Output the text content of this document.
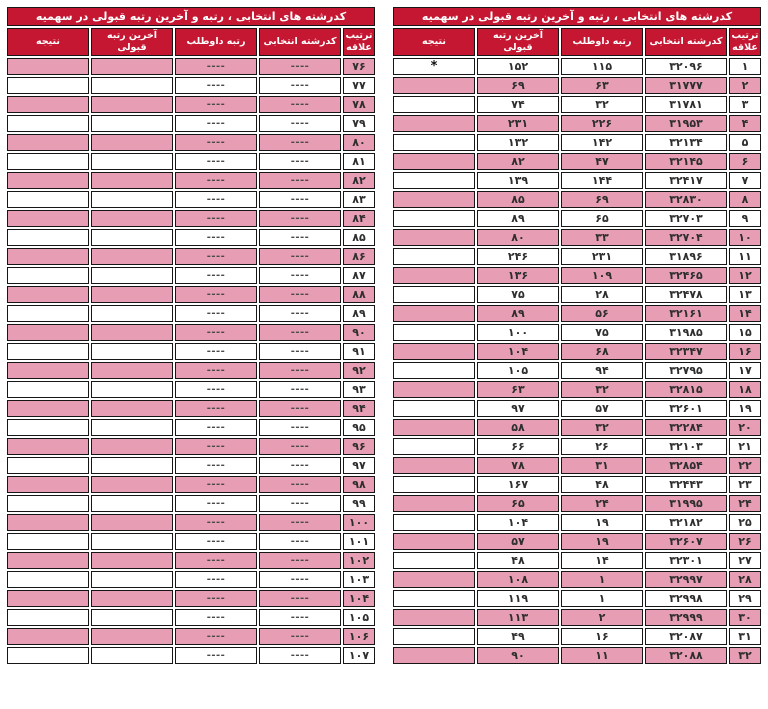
کدرشته های انتخابی ، رتبه و آخرین رتبه قبولی در سهمیه				
ترتیب علاقه	کدرشته انتخابی	رتبه داوطلب	آخرین رتبه قبولی	نتیجه
۷۶	----	----		
۷۷	----	----		
۷۸	----	----		
۷۹	----	----		
۸۰	----	----		
۸۱	----	----		
۸۲	----	----		
۸۳	----	----		
۸۴	----	----		
۸۵	----	----		
۸۶	----	----		
۸۷	----	----		
۸۸	----	----		
۸۹	----	----		
۹۰	----	----		
۹۱	----	----		
۹۲	----	----		
۹۳	----	----		
۹۴	----	----		
۹۵	----	----		
۹۶	----	----		
۹۷	----	----		
۹۸	----	----		
۹۹	----	----		
۱۰۰	----	----		
۱۰۱	----	----		
۱۰۲	----	----		
۱۰۳	----	----		
۱۰۴	----	----		
۱۰۵	----	----		
۱۰۶	----	----		
۱۰۷	----	----		
کدرشته های انتخابی ، رتبه و آخرین رتبه قبولی در سهمیه				
ترتیب علاقه	کدرشته انتخابی	رتبه داوطلب	آخرین رتبه قبولی	نتیجه
۱	۳۲۰۹۶	۱۱۵	۱۵۲	*
۲	۳۱۷۷۷	۶۳	۶۹	
۳	۳۱۷۸۱	۳۲	۷۴	
۴	۳۱۹۵۳	۲۲۶	۲۳۱	
۵	۳۲۱۳۴	۱۴۲	۱۳۲	
۶	۳۲۱۴۵	۴۷	۸۲	
۷	۳۲۴۱۷	۱۴۴	۱۳۹	
۸	۳۲۸۳۰	۶۹	۸۵	
۹	۳۲۷۰۳	۶۵	۸۹	
۱۰	۳۲۷۰۴	۳۳	۸۰	
۱۱	۳۱۸۹۶	۲۳۱	۲۴۶	
۱۲	۳۲۴۶۵	۱۰۹	۱۳۶	
۱۳	۳۲۴۷۸	۲۸	۷۵	
۱۴	۳۲۱۶۱	۵۶	۸۹	
۱۵	۳۱۹۸۵	۷۵	۱۰۰	
۱۶	۳۲۳۴۷	۶۸	۱۰۴	
۱۷	۳۲۷۹۵	۹۴	۱۰۵	
۱۸	۳۲۸۱۵	۳۲	۶۳	
۱۹	۳۲۶۰۱	۵۷	۹۷	
۲۰	۳۲۲۸۴	۳۲	۵۸	
۲۱	۳۲۱۰۳	۲۶	۶۶	
۲۲	۳۲۸۵۴	۳۱	۷۸	
۲۳	۳۲۴۴۳	۴۸	۱۶۷	
۲۴	۳۱۹۹۵	۲۴	۶۵	
۲۵	۳۲۱۸۲	۱۹	۱۰۴	
۲۶	۳۲۶۰۷	۱۹	۵۷	
۲۷	۳۲۳۰۱	۱۴	۴۸	
۲۸	۳۲۹۹۷	۱	۱۰۸	
۲۹	۳۲۹۹۸	۱	۱۱۹	
۳۰	۳۲۹۹۹	۲	۱۱۳	
۳۱	۳۲۰۸۷	۱۶	۴۹	
۳۲	۳۲۰۸۸	۱۱	۹۰	
